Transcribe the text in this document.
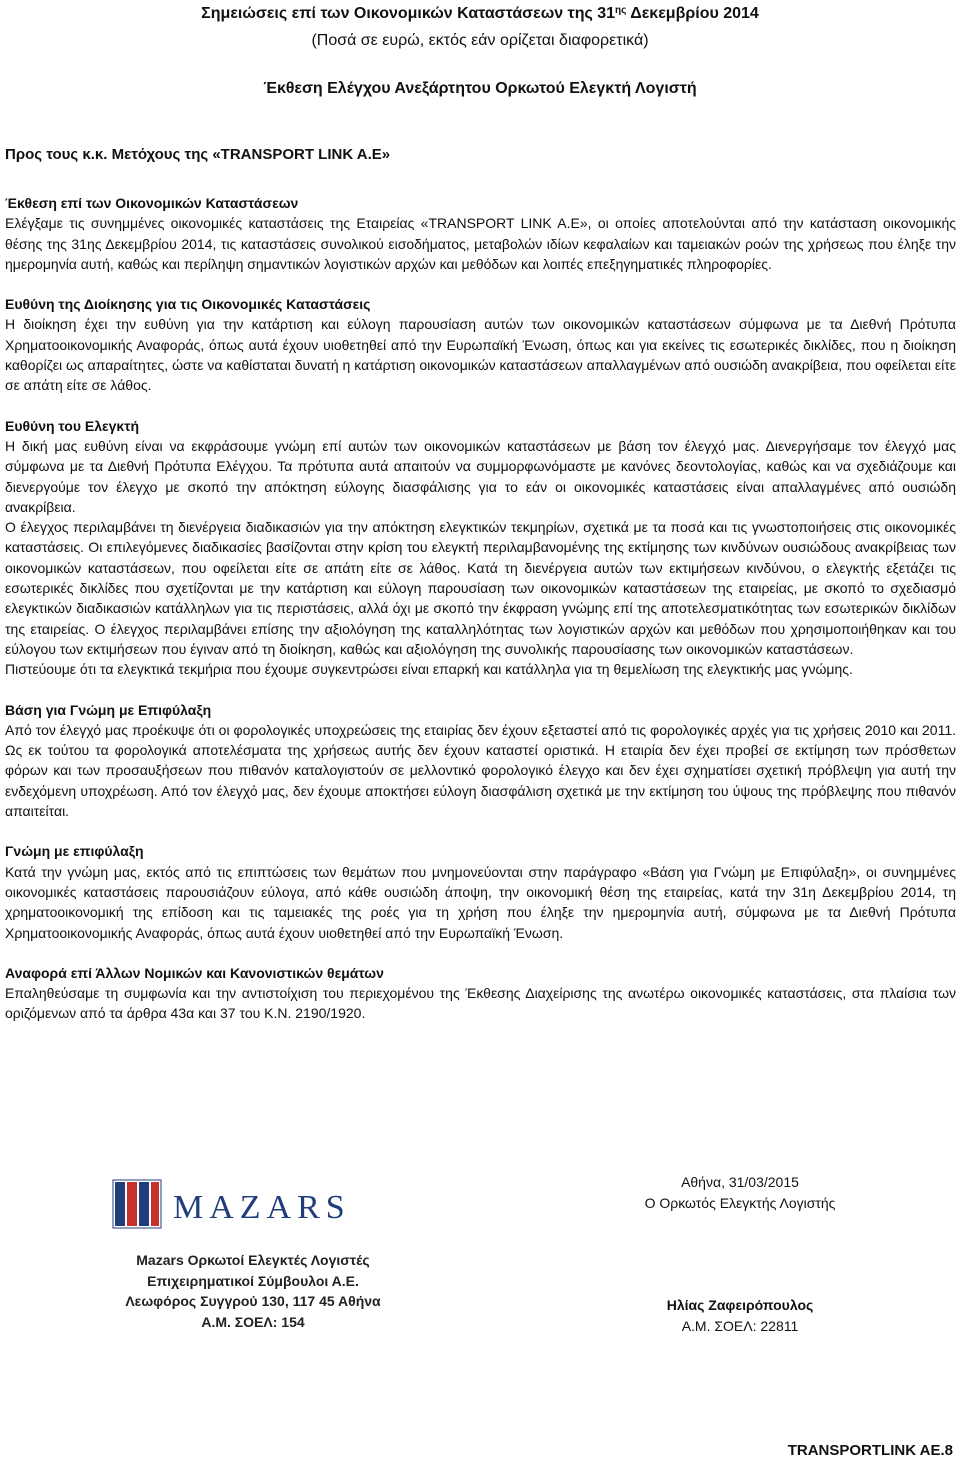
Σημειώσεις επί των Οικονομικών Καταστάσεων της $31^{\eta\varsigma}$ Δεκεμβρίου 2014
(Ποσά σε ευρώ, εκτός εάν ορίζεται διαφορετικά)
Έκθεση Ελέγχου Ανεξάρτητου Ορκωτού Ελεγκτή Λογιστή
Προς τους κ.κ. Μετόχους της «TRANSPORT LINK A.E»
Έκθεση επί των Οικονομικών Καταστάσεων

Ελέγξαμε τις συνημμένες οικονομικές καταστάσεις της Εταιρείας «TRANSPORT LINK A.E», οι οποίες αποτελούνται από την κατάσταση οικονομικής θέσης της 31ης Δεκεμβρίου 2014, τις καταστάσεις συνολικού εισοδήματος, μεταβολών ιδίων κεφαλαίων και ταμειακών ροών της χρήσεως που έληξε την ημερομηνία αυτή, καθώς και περίληψη σημαντικών λογιστικών αρχών και μεθόδων και λοιπές επεξηγηματικές πληροφορίες.

Ευθύνη της Διοίκησης για τις Οικονομικές Καταστάσεις

Η διοίκηση έχει την ευθύνη για την κατάρτιση και εύλογη παρουσίαση αυτών των οικονομικών καταστάσεων σύμφωνα με τα Διεθνή Πρότυπα Χρηματοοικονομικής Αναφοράς, όπως αυτά έχουν υιοθετηθεί από την Ευρωπαϊκή Ένωση, όπως και για εκείνες τις εσωτερικές δικλίδες, που η διοίκηση καθορίζει ως απαραίτητες, ώστε να καθίσταται δυνατή η κατάρτιση οικονομικών καταστάσεων απαλλαγμένων από ουσιώδη ανακρίβεια, που οφείλεται είτε σε απάτη είτε σε λάθος.

Ευθύνη του Ελεγκτή

Η δική μας ευθύνη είναι να εκφράσουμε γνώμη επί αυτών των οικονομικών καταστάσεων με βάση τον έλεγχό μας. Διενεργήσαμε τον έλεγχό μας σύμφωνα με τα Διεθνή Πρότυπα Ελέγχου. Τα πρότυπα αυτά απαιτούν να συμμορφωνόμαστε με κανόνες δεοντολογίας, καθώς και να σχεδιάζουμε και διενεργούμε τον έλεγχο με σκοπό την απόκτηση εύλογης διασφάλισης για το εάν οι οικονομικές καταστάσεις είναι απαλλαγμένες από ουσιώδη ανακρίβεια.

Ο έλεγχος περιλαμβάνει τη διενέργεια διαδικασιών για την απόκτηση ελεγκτικών τεκμηρίων, σχετικά με τα ποσά και τις γνωστοποιήσεις στις οικονομικές καταστάσεις. Οι επιλεγόμενες διαδικασίες βασίζονται στην κρίση του ελεγκτή περιλαμβανομένης της εκτίμησης των κινδύνων ουσιώδους ανακρίβειας των οικονομικών καταστάσεων, που οφείλεται είτε σε απάτη είτε σε λάθος. Κατά τη διενέργεια αυτών των εκτιμήσεων κινδύνου, ο ελεγκτής εξετάζει τις εσωτερικές δικλίδες που σχετίζονται με την κατάρτιση και εύλογη παρουσίαση των οικονομικών καταστάσεων της εταιρείας, με σκοπό το σχεδιασμό ελεγκτικών διαδικασιών κατάλληλων για τις περιστάσεις, αλλά όχι με σκοπό την έκφραση γνώμης επί της αποτελεσματικότητας των εσωτερικών δικλίδων της εταιρείας. Ο έλεγχος περιλαμβάνει επίσης την αξιολόγηση της καταλληλότητας των λογιστικών αρχών και μεθόδων που χρησιμοποιήθηκαν και του εύλογου των εκτιμήσεων που έγιναν από τη διοίκηση, καθώς και αξιολόγηση της συνολικής παρουσίασης των οικονομικών καταστάσεων.

Πιστεύουμε ότι τα ελεγκτικά τεκμήρια που έχουμε συγκεντρώσει είναι επαρκή και κατάλληλα για τη θεμελίωση της ελεγκτικής μας γνώμης.

Βάση για Γνώμη με Επιφύλαξη

Από τον έλεγχό μας προέκυψε ότι οι φορολογικές υποχρεώσεις της εταιρίας δεν έχουν εξεταστεί από τις φορολογικές αρχές για τις χρήσεις 2010 και 2011. Ως εκ τούτου τα φορολογικά αποτελέσματα της χρήσεως αυτής δεν έχουν καταστεί οριστικά. Η εταιρία δεν έχει προβεί σε εκτίμηση των πρόσθετων φόρων και των προσαυξήσεων που πιθανόν καταλογιστούν σε μελλοντικό φορολογικό έλεγχο και δεν έχει σχηματίσει σχετική πρόβλεψη για αυτή την ενδεχόμενη υποχρέωση. Από τον έλεγχό μας, δεν έχουμε αποκτήσει εύλογη διασφάλιση σχετικά με την εκτίμηση του ύψους της πρόβλεψης που πιθανόν απαιτείται.

Γνώμη με επιφύλαξη

Κατά την γνώμη μας, εκτός από τις επιπτώσεις των θεμάτων που μνημονεύονται στην παράγραφο «Βάση για Γνώμη με Επιφύλαξη», οι συνημμένες οικονομικές καταστάσεις παρουσιάζουν εύλογα, από κάθε ουσιώδη άποψη, την οικονομική θέση της εταιρείας, κατά την 31η Δεκεμβρίου 2014, τη χρηματοοικονομική της επίδοση και τις ταμειακές της ροές για τη χρήση που έληξε την ημερομηνία αυτή, σύμφωνα με τα Διεθνή Πρότυπα Χρηματοοικονομικής Αναφοράς, όπως αυτά έχουν υιοθετηθεί από την Ευρωπαϊκή Ένωση.

Αναφορά επί Άλλων Νομικών και Κανονιστικών θεμάτων

Επαληθεύσαμε τη συμφωνία και την αντιστοίχιση του περιεχομένου της Έκθεσης Διαχείρισης της ανωτέρω οικονομικές καταστάσεις, στα πλαίσια των οριζόμενων από τα άρθρα 43α και 37 του Κ.Ν. 2190/1920.

MAZARS
Mazars Ορκωτοί Ελεγκτές Λογιστές
Επιχειρηματικοί Σύμβουλοι Α.Ε.
Λεωφόρος Συγγρού 130, 117 45 Αθήνα
Α.Μ. ΣΟΕΛ: 154
Αθήνα, 31/03/2015
Ο Ορκωτός Ελεγκτής Λογιστής
Ηλίας Ζαφειρόπουλος
Α.Μ. ΣΟΕΛ: 22811
TRANSPORTLINK AE.8
